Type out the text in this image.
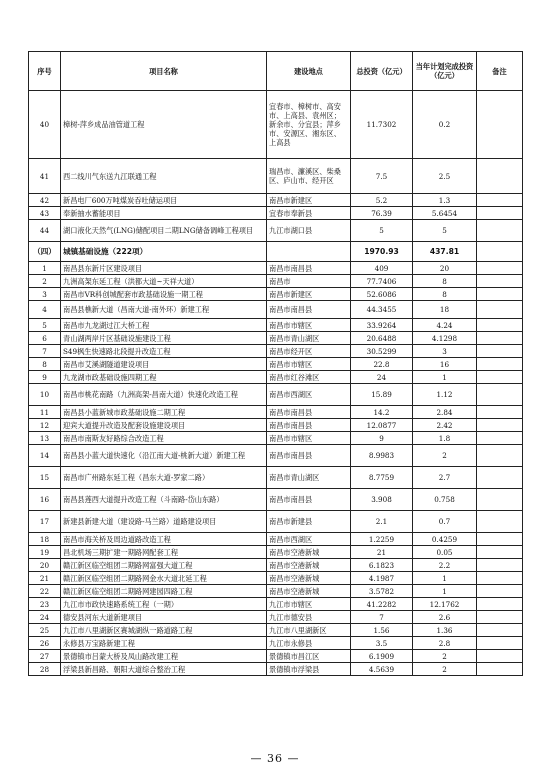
序号	项目名称	建设地点	总投资（亿元）	当年计划完成投资（亿元）	备注
40	樟树-萍乡成品油管道工程	宜春市、樟树市、高安市、上高县、袁州区；新余市、分宜县；萍乡市、安源区、湘东区、上高县	11.7302	0.2	
41	西二线川气东送九江联通工程	瑞昌市、濂溪区、柴桑区、庐山市、经开区	7.5	2.5	
42	新昌电厂600万吨煤炭吞吐储运项目	南昌市新建区	5.2	1.3	
43	奉新抽水蓄能项目	宜春市奉新县	76.39	5.6454	
44	湖口液化天然气(LNG)储配项目二期LNG储备调峰工程项目	九江市湖口县	5	5	
（四）	城镇基础设施（222项）		1970.93	437.81	
1	南昌县东新片区建设项目	南昌市南昌县	409	20	
2	九洲高架东延工程（洪都大道~天祥大道）	南昌市	77.7406	8	
3	南昌市VR科创城配套市政基础设施一期工程	南昌市新建区	52.6086	8	
4	南昌县樵新大道（昌南大道-南外环）新建工程	南昌市南昌县	44.3455	18	
5	南昌市九龙湖过江大桥工程	南昌市市辖区	33.9264	4.24	
6	青山湖两岸片区基础设施建设工程	南昌市青山湖区	20.6488	4.1298	
7	S49枫生快速路北段提升改造工程	南昌市经开区	30.5299	3	
8	南昌市艾溪湖隧道建设项目	南昌市市辖区	22.8	16	
9	九龙湖市政基础设施四期工程	南昌市红谷滩区	24	1	
10	南昌市桃花南路（九洲高架-昌南大道）快速化改造工程	南昌市西湖区	15.89	1.12	
11	南昌县小蓝新城市政基础设施二期工程	南昌市南昌县	14.2	2.84	
12	迎宾大道提升改造及配套设施建设项目	南昌市南昌县	12.0877	2.42	
13	南昌市南斯友好路综合改造工程	南昌市市辖区	9	1.8	
14	南昌县小蓝大道快速化（沿江南大道-桃新大道）新建工程	南昌市南昌县	8.9983	2	
15	南昌市广州路东延工程（昌东大道-罗家二路）	南昌市青山湖区	8.7759	2.7	
16	南昌县莲西大道提升改造工程（斗南路-岱山东路）	南昌市南昌县	3.908	0.758	
17	新建县新建大道（建设路-马兰路）道路建设项目	南昌市新建县	2.1	0.7	
18	南昌市海关桥及周边道路改造工程	南昌市西湖区	1.2259	0.4259	
19	昌北机场三期扩建一期路网配套工程	南昌市空港新城	21	0.05	
20	赣江新区临空组团二期路网富强大道工程	南昌市空港新城	6.1823	2.2	
21	赣江新区临空组团二期路网金水大道北延工程	南昌市空港新城	4.1987	1	
22	赣江新区临空组团二期路网建园四路工程	南昌市空港新城	3.5782	1	
23	九江市市政快速路系统工程（一期）	九江市市辖区	41.2282	12.1762	
24	德安县河东大道新建项目	九江市德安县	7	2.6	
25	九江市八里湖新区赛城湖纵一路道路工程	九江市八里湖新区	1.56	1.36	
26	永修县万宝路新建工程	九江市永修县	3.5	2.8	
27	景德镇市吕蒙大桥及凤山路改建工程	景德镇市昌江区	6.1909	2	
28	浮梁县新昌路、朝阳大道综合整治工程	景德镇市浮梁县	4.5639	2	
— 36 —
